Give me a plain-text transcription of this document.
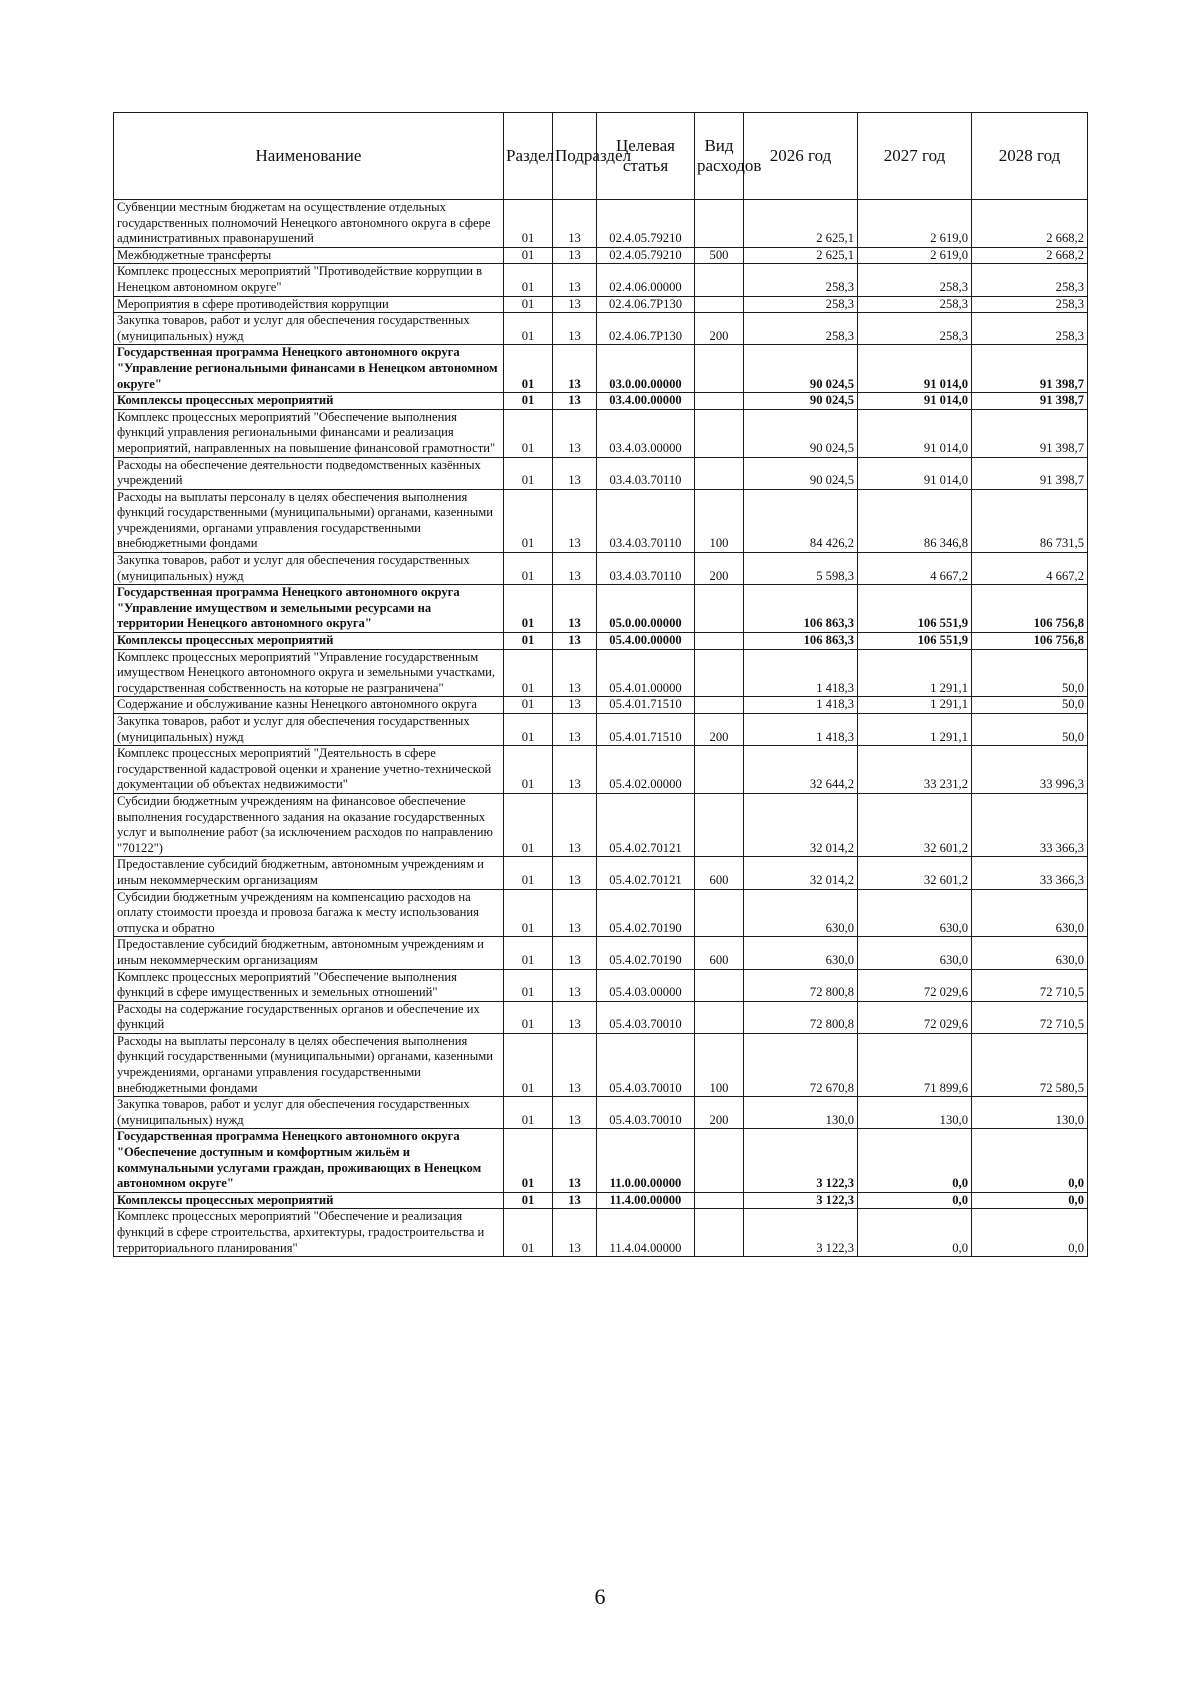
Наименование	Раздел	Подраздел	Целевая статья	Вид расходов	2026 год	2027 год	2028 год
Субвенции местным бюджетам на осуществление отдельных государственных полномочий Ненецкого автономного округа в сфере административных правонарушений	01	13	02.4.05.79210		2 625,1	2 619,0	2 668,2
Межбюджетные трансферты	01	13	02.4.05.79210	500	2 625,1	2 619,0	2 668,2
Комплекс процессных мероприятий "Противодействие коррупции в Ненецком автономном округе"	01	13	02.4.06.00000		258,3	258,3	258,3
Мероприятия в сфере противодействия коррупции	01	13	02.4.06.7Р130		258,3	258,3	258,3
Закупка товаров, работ и услуг для обеспечения государственных (муниципальных) нужд	01	13	02.4.06.7Р130	200	258,3	258,3	258,3
Государственная программа Ненецкого автономного округа "Управление региональными финансами в Ненецком автономном округе"	01	13	03.0.00.00000		90 024,5	91 014,0	91 398,7
Комплексы процессных мероприятий	01	13	03.4.00.00000		90 024,5	91 014,0	91 398,7
Комплекс процессных мероприятий "Обеспечение выполнения функций управления региональными финансами и реализация мероприятий, направленных на повышение финансовой грамотности"	01	13	03.4.03.00000		90 024,5	91 014,0	91 398,7
Расходы на обеспечение деятельности подведомственных казённых учреждений	01	13	03.4.03.70110		90 024,5	91 014,0	91 398,7
Расходы на выплаты персоналу в целях обеспечения выполнения функций государственными (муниципальными) органами, казенными учреждениями, органами управления государственными внебюджетными фондами	01	13	03.4.03.70110	100	84 426,2	86 346,8	86 731,5
Закупка товаров, работ и услуг для обеспечения государственных (муниципальных) нужд	01	13	03.4.03.70110	200	5 598,3	4 667,2	4 667,2
Государственная программа Ненецкого автономного округа "Управление имуществом и земельными ресурсами на территории Ненецкого автономного округа"	01	13	05.0.00.00000		106 863,3	106 551,9	106 756,8
Комплексы процессных мероприятий	01	13	05.4.00.00000		106 863,3	106 551,9	106 756,8
Комплекс процессных мероприятий "Управление государственным имуществом Ненецкого автономного округа и земельными участками, государственная собственность на которые не разграничена"	01	13	05.4.01.00000		1 418,3	1 291,1	50,0
Содержание и обслуживание казны Ненецкого автономного округа	01	13	05.4.01.71510		1 418,3	1 291,1	50,0
Закупка товаров, работ и услуг для обеспечения государственных (муниципальных) нужд	01	13	05.4.01.71510	200	1 418,3	1 291,1	50,0
Комплекс процессных мероприятий "Деятельность в сфере государственной кадастровой оценки и хранение учетно-технической документации об объектах недвижимости"	01	13	05.4.02.00000		32 644,2	33 231,2	33 996,3
Субсидии бюджетным учреждениям на финансовое обеспечение выполнения государственного задания на оказание государственных услуг и выполнение работ (за исключением расходов по направлению "70122")	01	13	05.4.02.70121		32 014,2	32 601,2	33 366,3
Предоставление субсидий бюджетным, автономным учреждениям и иным некоммерческим организациям	01	13	05.4.02.70121	600	32 014,2	32 601,2	33 366,3
Субсидии бюджетным учреждениям на компенсацию расходов на оплату стоимости проезда и провоза багажа к месту использования отпуска и обратно	01	13	05.4.02.70190		630,0	630,0	630,0
Предоставление субсидий бюджетным, автономным учреждениям и иным некоммерческим организациям	01	13	05.4.02.70190	600	630,0	630,0	630,0
Комплекс процессных мероприятий "Обеспечение выполнения функций в сфере имущественных и земельных отношений"	01	13	05.4.03.00000		72 800,8	72 029,6	72 710,5
Расходы на содержание государственных органов и обеспечение их функций	01	13	05.4.03.70010		72 800,8	72 029,6	72 710,5
Расходы на выплаты персоналу в целях обеспечения выполнения функций государственными (муниципальными) органами, казенными учреждениями, органами управления государственными внебюджетными фондами	01	13	05.4.03.70010	100	72 670,8	71 899,6	72 580,5
Закупка товаров, работ и услуг для обеспечения государственных (муниципальных) нужд	01	13	05.4.03.70010	200	130,0	130,0	130,0
Государственная программа Ненецкого автономного округа "Обеспечение доступным и комфортным жильём и коммунальными услугами граждан, проживающих в Ненецком автономном округе"	01	13	11.0.00.00000		3 122,3	0,0	0,0
Комплексы процессных мероприятий	01	13	11.4.00.00000		3 122,3	0,0	0,0
Комплекс процессных мероприятий "Обеспечение и реализация функций в сфере строительства, архитектуры, градостроительства и территориального планирования"	01	13	11.4.04.00000		3 122,3	0,0	0,0
6
